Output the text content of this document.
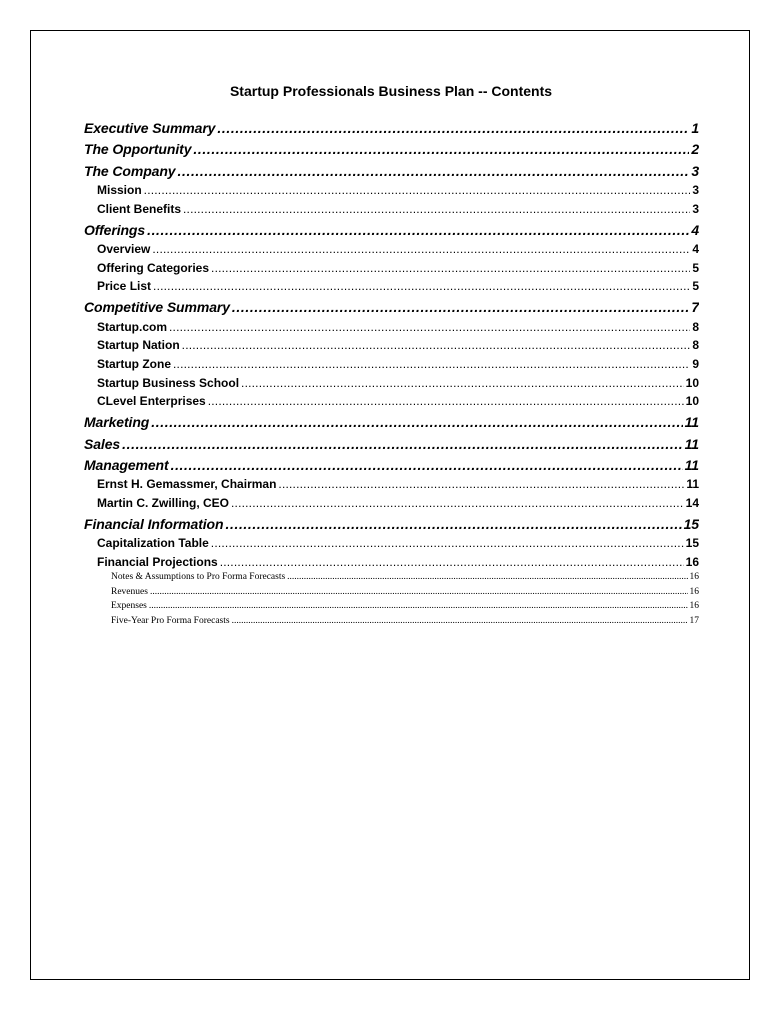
Startup Professionals Business Plan -- Contents
Executive Summary .....	1
The Opportunity .....	2
The Company .....	3
Mission .....	3
Client Benefits .....	3
Offerings .....	4
Overview .....	4
Offering Categories .....	5
Price List .....	5
Competitive Summary .....	7
Startup.com .....	8
Startup Nation .....	8
Startup Zone .....	9
Startup Business School .....	10
CLevel Enterprises .....	10
Marketing .....	11
Sales .....	11
Management .....	11
Ernst H. Gemassmer, Chairman .....	11
Martin C. Zwilling, CEO .....	14
Financial Information .....	15
Capitalization Table .....	15
Financial Projections .....	16
Notes & Assumptions to Pro Forma Forecasts .....	16
Revenues .....	16
Expenses .....	16
Five-Year Pro Forma Forecasts .....	17
